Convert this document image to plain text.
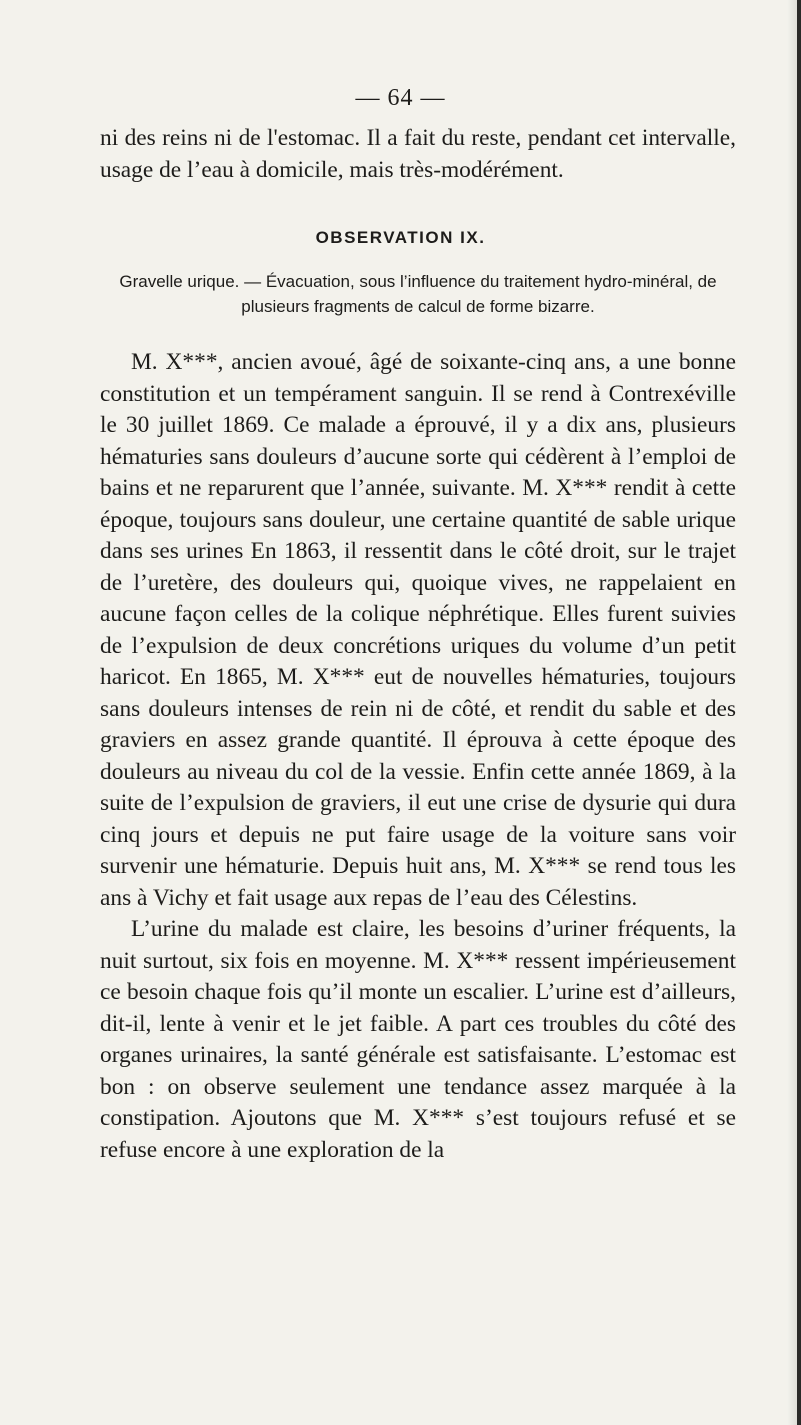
— 64 —

ni des reins ni de l'estomac. Il a fait du reste, pendant cet intervalle, usage de l’eau à domicile, mais très-modérément.

OBSERVATION IX.
Gravelle urique. — Évacuation, sous l’influence du traitement hydro-minéral, de plusieurs fragments de calcul de forme bizarre.

M. X***, ancien avoué, âgé de soixante-cinq ans, a une bonne constitution et un tempérament sanguin. Il se rend à Contrexéville le 30 juillet 1869. Ce malade a éprouvé, il y a dix ans, plusieurs hématuries sans douleurs d’aucune sorte qui cédèrent à l’emploi de bains et ne reparurent que l’année, suivante. M. X*** rendit à cette époque, toujours sans douleur, une certaine quantité de sable urique dans ses urines En 1863, il ressentit dans le côté droit, sur le trajet de l’uretère, des douleurs qui, quoique vives, ne rappelaient en aucune façon celles de la colique néphrétique. Elles furent suivies de l’expulsion de deux concrétions uriques du volume d’un petit haricot. En 1865, M. X*** eut de nouvelles hématuries, toujours sans douleurs intenses de rein ni de côté, et rendit du sable et des graviers en assez grande quantité. Il éprouva à cette époque des douleurs au niveau du col de la vessie. Enfin cette année 1869, à la suite de l’expulsion de graviers, il eut une crise de dysurie qui dura cinq jours et depuis ne put faire usage de la voiture sans voir survenir une hématurie. Depuis huit ans, M. X*** se rend tous les ans à Vichy et fait usage aux repas de l’eau des Célestins.

L’urine du malade est claire, les besoins d’uriner fréquents, la nuit surtout, six fois en moyenne. M. X*** ressent impérieusement ce besoin chaque fois qu’il monte un escalier. L’urine est d’ailleurs, dit-il, lente à venir et le jet faible. A part ces troubles du côté des organes urinaires, la santé générale est satisfaisante. L’estomac est bon : on observe seulement une tendance assez marquée à la constipation. Ajoutons que M. X*** s’est toujours refusé et se refuse encore à une exploration de la
